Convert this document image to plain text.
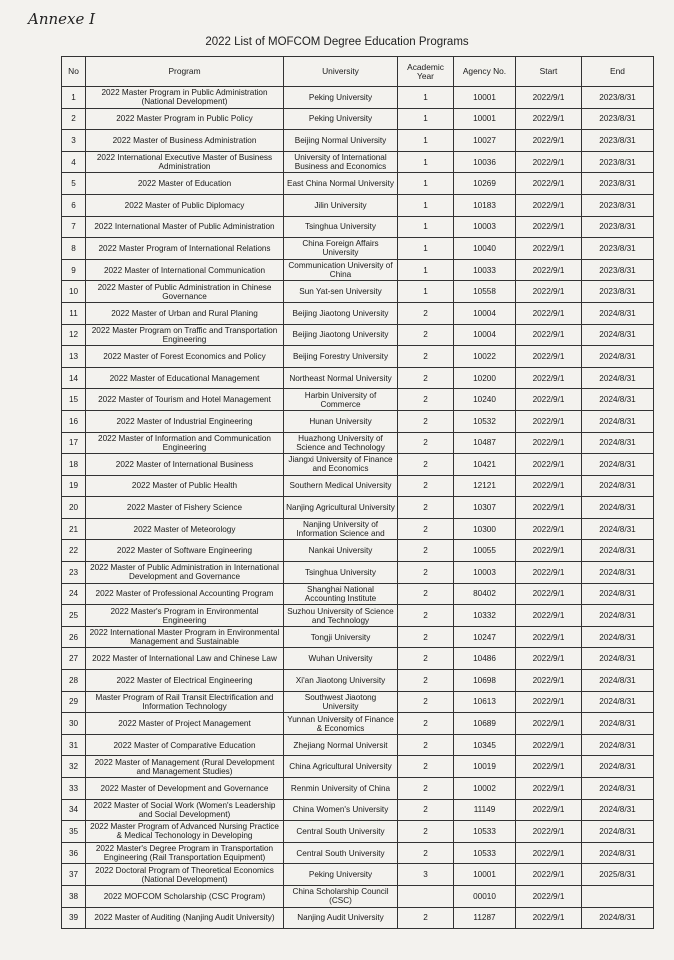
Annexe I
2022 List of MOFCOM Degree Education Programs
No	Program	University	Academic Year	Agency No.	Start	End
1	2022 Master Program in Public Administration (National Development)	Peking University	1	10001	2022/9/1	2023/8/31
2	2022 Master Program in Public Policy	Peking University	1	10001	2022/9/1	2023/8/31
3	2022 Master of Business Administration	Beijing Normal University	1	10027	2022/9/1	2023/8/31
4	2022 International Executive Master of Business Administration	University of International Business and Economics	1	10036	2022/9/1	2023/8/31
5	2022 Master of Education	East China Normal University	1	10269	2022/9/1	2023/8/31
6	2022 Master of Public Diplomacy	Jilin University	1	10183	2022/9/1	2023/8/31
7	2022 International Master of Public Administration	Tsinghua University	1	10003	2022/9/1	2023/8/31
8	2022 Master Program of International Relations	China Foreign Affairs University	1	10040	2022/9/1	2023/8/31
9	2022 Master of International Communication	Communication University of China	1	10033	2022/9/1	2023/8/31
10	2022 Master of Public Administration in Chinese Governance	Sun Yat-sen University	1	10558	2022/9/1	2023/8/31
11	2022 Master of Urban and Rural Planing	Beijing Jiaotong University	2	10004	2022/9/1	2024/8/31
12	2022 Master Program on Traffic and Transportation Engineering	Beijing Jiaotong University	2	10004	2022/9/1	2024/8/31
13	2022 Master of Forest Economics and Policy	Beijing Forestry University	2	10022	2022/9/1	2024/8/31
14	2022 Master of Educational Management	Northeast Normal University	2	10200	2022/9/1	2024/8/31
15	2022 Master of Tourism and Hotel Management	Harbin University of Commerce	2	10240	2022/9/1	2024/8/31
16	2022 Master of Industrial Engineering	Hunan University	2	10532	2022/9/1	2024/8/31
17	2022 Master of Information and Communication Engineering	Huazhong University of Science and Technology	2	10487	2022/9/1	2024/8/31
18	2022 Master of International Business	Jiangxi University of Finance and Economics	2	10421	2022/9/1	2024/8/31
19	2022 Master of Public Health	Southern Medical University	2	12121	2022/9/1	2024/8/31
20	2022 Master of Fishery Science	Nanjing Agricultural University	2	10307	2022/9/1	2024/8/31
21	2022 Master of Meteorology	Nanjing University of Information Science and	2	10300	2022/9/1	2024/8/31
22	2022 Master of Software Engineering	Nankai University	2	10055	2022/9/1	2024/8/31
23	2022 Master of Public Administration in International Development and Governance	Tsinghua University	2	10003	2022/9/1	2024/8/31
24	2022 Master of Professional Accounting Program	Shanghai National Accounting Institute	2	80402	2022/9/1	2024/8/31
25	2022 Master's Program in Environmental Engineering	Suzhou University of Science and Technology	2	10332	2022/9/1	2024/8/31
26	2022 International Master Program in Environmental Management and Sustainable	Tongji University	2	10247	2022/9/1	2024/8/31
27	2022 Master of International Law and Chinese Law	Wuhan University	2	10486	2022/9/1	2024/8/31
28	2022 Master of Electrical Engineering	Xi'an Jiaotong University	2	10698	2022/9/1	2024/8/31
29	Master Program of Rail Transit Electrification and Information Technology	Southwest Jiaotong University	2	10613	2022/9/1	2024/8/31
30	2022 Master of Project Management	Yunnan University of Finance & Economics	2	10689	2022/9/1	2024/8/31
31	2022 Master of Comparative Education	Zhejiang Normal Universit	2	10345	2022/9/1	2024/8/31
32	2022 Master of Management (Rural Development and Management Studies)	China Agricultural University	2	10019	2022/9/1	2024/8/31
33	2022 Master of Development and Governance	Renmin University of China	2	10002	2022/9/1	2024/8/31
34	2022 Master of Social Work (Women's Leadership and Social Development)	China Women's University	2	11149	2022/9/1	2024/8/31
35	2022 Master Program of Advanced Nursing Practice & Medical Techonology in Developing	Central South University	2	10533	2022/9/1	2024/8/31
36	2022 Master's Degree Program in Transportation Engineering (Rail Transportation Equipment)	Central South University	2	10533	2022/9/1	2024/8/31
37	2022 Doctoral Program of Theoretical Economics (National Development)	Peking University	3	10001	2022/9/1	2025/8/31
38	2022 MOFCOM Scholarship (CSC Program)	China Scholarship Council (CSC)		00010	2022/9/1	
39	2022 Master of Auditing (Nanjing Audit University)	Nanjing Audit University	2	11287	2022/9/1	2024/8/31
